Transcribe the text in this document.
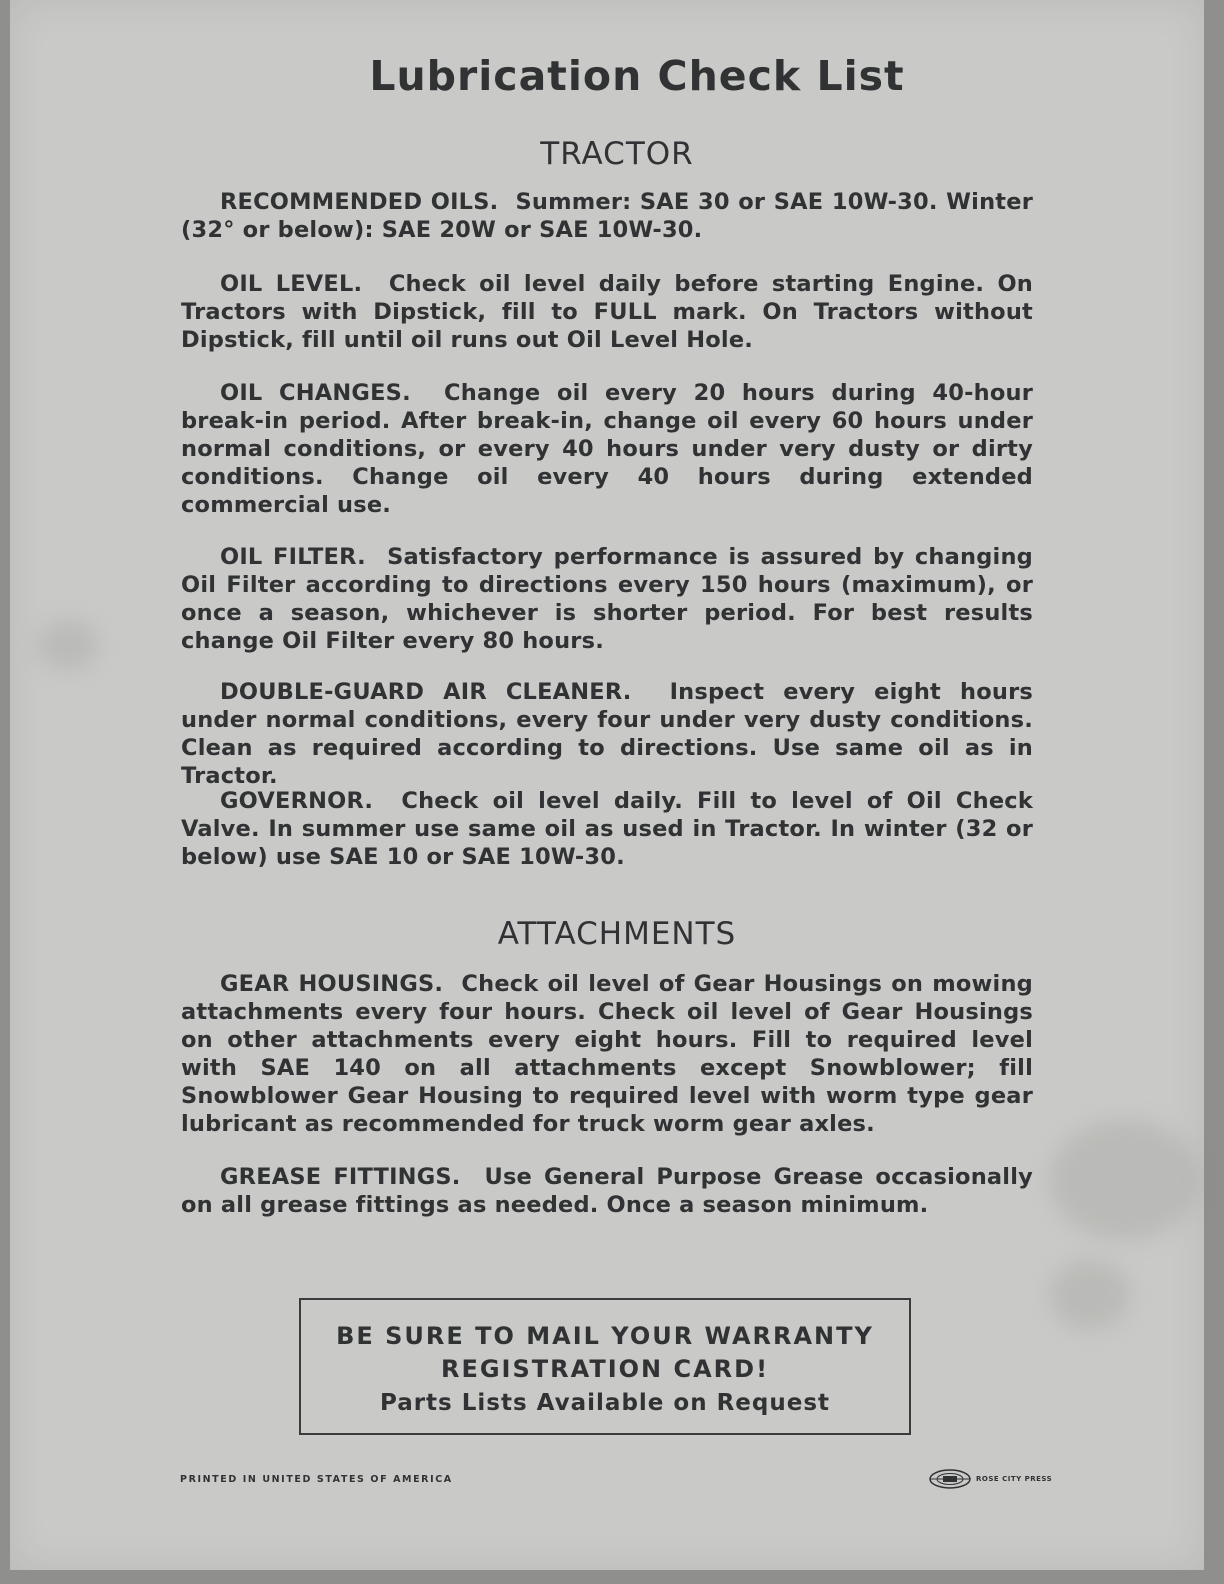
Lubrication Check List
TRACTOR

RECOMMENDED OILS. Summer: SAE 30 or SAE 10W-30. Winter (32° or below): SAE 20W or SAE 10W-30.

OIL LEVEL. Check oil level daily before starting Engine. On Tractors with Dipstick, fill to FULL mark. On Tractors without Dipstick, fill until oil runs out Oil Level Hole.

OIL CHANGES. Change oil every 20 hours during 40-hour break-in period. After break-in, change oil every 60 hours under normal conditions, or every 40 hours under very dusty or dirty conditions. Change oil every 40 hours during extended commercial use.

OIL FILTER. Satisfactory performance is assured by changing Oil Filter according to directions every 150 hours (maximum), or once a season, whichever is shorter period. For best results change Oil Filter every 80 hours.

DOUBLE-GUARD AIR CLEANER. Inspect every eight hours under normal conditions, every four under very dusty conditions. Clean as required according to directions. Use same oil as in Tractor.

GOVERNOR. Check oil level daily. Fill to level of Oil Check Valve. In summer use same oil as used in Tractor. In winter (32 or below) use SAE 10 or SAE 10W-30.

ATTACHMENTS

GEAR HOUSINGS. Check oil level of Gear Housings on mowing attachments every four hours. Check oil level of Gear Housings on other attachments every eight hours. Fill to required level with SAE 140 on all attachments except Snowblower; fill Snowblower Gear Housing to required level with worm type gear lubricant as recommended for truck worm gear axles.

GREASE FITTINGS. Use General Purpose Grease occasionally on all grease fittings as needed. Once a season minimum.

BE SURE TO MAIL YOUR WARRANTY
REGISTRATION CARD!
Parts Lists Available on Request
PRINTED IN UNITED STATES OF AMERICA	ROSE CITY PRESS
